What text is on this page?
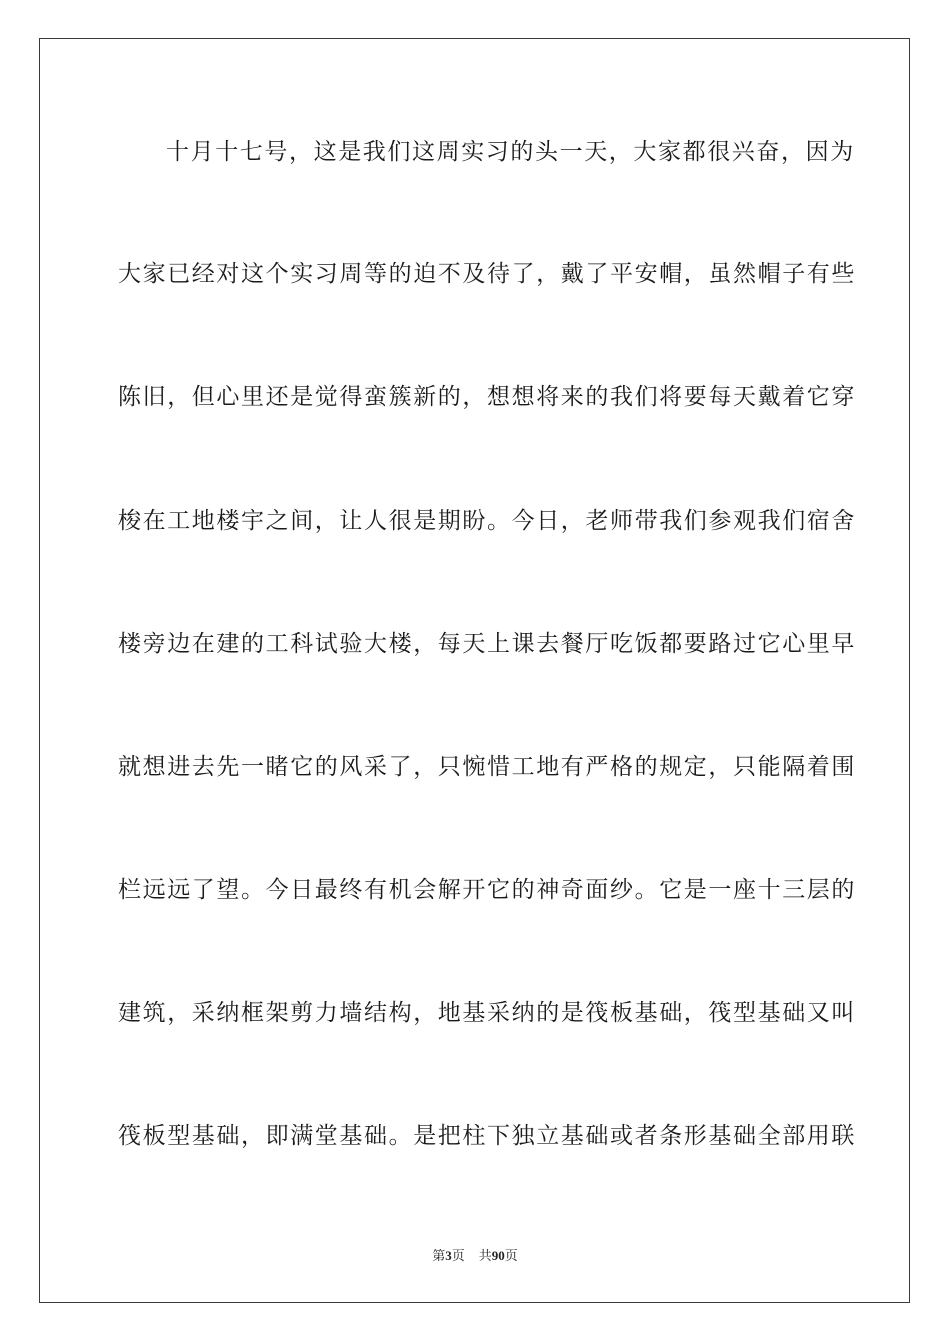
十月十七号，这是我们这周实习的头一天，大家都很兴奋，因为
大家已经对这个实习周等的迫不及待了，戴了平安帽，虽然帽子有些
陈旧，但心里还是觉得蛮簇新的，想想将来的我们将要每天戴着它穿
梭在工地楼宇之间，让人很是期盼。今日，老师带我们参观我们宿舍
楼旁边在建的工科试验大楼，每天上课去餐厅吃饭都要路过它心里早
就想进去先一睹它的风采了，只惋惜工地有严格的规定，只能隔着围
栏远远了望。今日最终有机会解开它的神奇面纱。它是一座十三层的
建筑，采纳框架剪力墙结构，地基采纳的是筏板基础，筏型基础又叫
筏板型基础，即满堂基础。是把柱下独立基础或者条形基础全部用联
第3页 共90页
